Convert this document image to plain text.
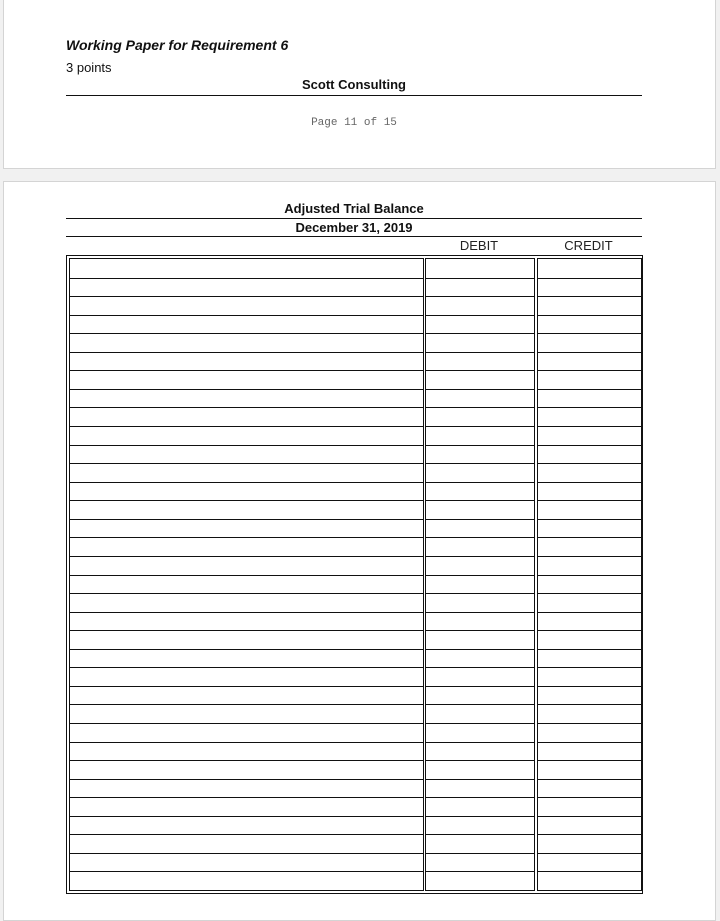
Working Paper for Requirement 6
3 points
Scott Consulting
Page 11 of 15
Adjusted Trial Balance
December 31, 2019
DEBIT	CREDIT
